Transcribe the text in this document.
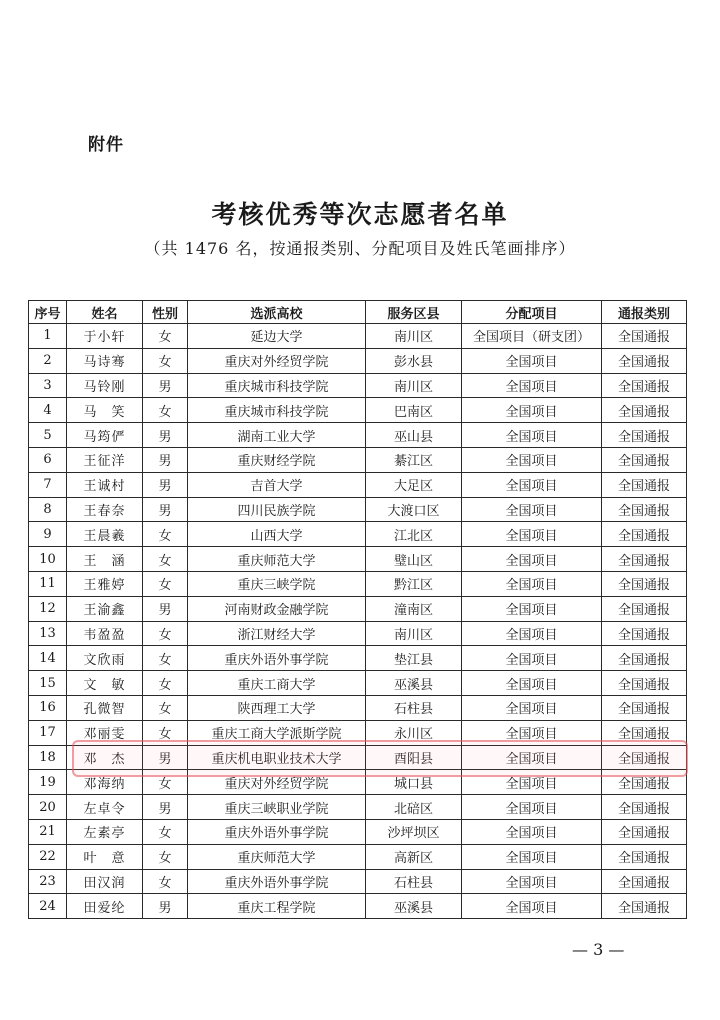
附件
考核优秀等次志愿者名单
（共 1476 名，按通报类别、分配项目及姓氏笔画排序）
序号	姓名	性别	选派高校	服务区县	分配项目	通报类别
1	于小轩	女	延边大学	南川区	全国项目（研支团）	全国通报
2	马诗骞	女	重庆对外经贸学院	彭水县	全国项目	全国通报
3	马铃刚	男	重庆城市科技学院	南川区	全国项目	全国通报
4	马　笑	女	重庆城市科技学院	巴南区	全国项目	全国通报
5	马筠俨	男	湖南工业大学	巫山县	全国项目	全国通报
6	王征洋	男	重庆财经学院	綦江区	全国项目	全国通报
7	王诚村	男	吉首大学	大足区	全国项目	全国通报
8	王春奈	男	四川民族学院	大渡口区	全国项目	全国通报
9	王晨羲	女	山西大学	江北区	全国项目	全国通报
10	王　涵	女	重庆师范大学	璧山区	全国项目	全国通报
11	王雅婷	女	重庆三峡学院	黔江区	全国项目	全国通报
12	王渝鑫	男	河南财政金融学院	潼南区	全国项目	全国通报
13	韦盈盈	女	浙江财经大学	南川区	全国项目	全国通报
14	文欣雨	女	重庆外语外事学院	垫江县	全国项目	全国通报
15	文　敏	女	重庆工商大学	巫溪县	全国项目	全国通报
16	孔微智	女	陕西理工大学	石柱县	全国项目	全国通报
17	邓丽雯	女	重庆工商大学派斯学院	永川区	全国项目	全国通报
18	邓　杰	男	重庆机电职业技术大学	酉阳县	全国项目	全国通报
19	邓海纳	女	重庆对外经贸学院	城口县	全国项目	全国通报
20	左卓令	男	重庆三峡职业学院	北碚区	全国项目	全国通报
21	左素亭	女	重庆外语外事学院	沙坪坝区	全国项目	全国通报
22	叶　意	女	重庆师范大学	高新区	全国项目	全国通报
23	田汉润	女	重庆外语外事学院	石柱县	全国项目	全国通报
24	田爱纶	男	重庆工程学院	巫溪县	全国项目	全国通报
— 3 —
